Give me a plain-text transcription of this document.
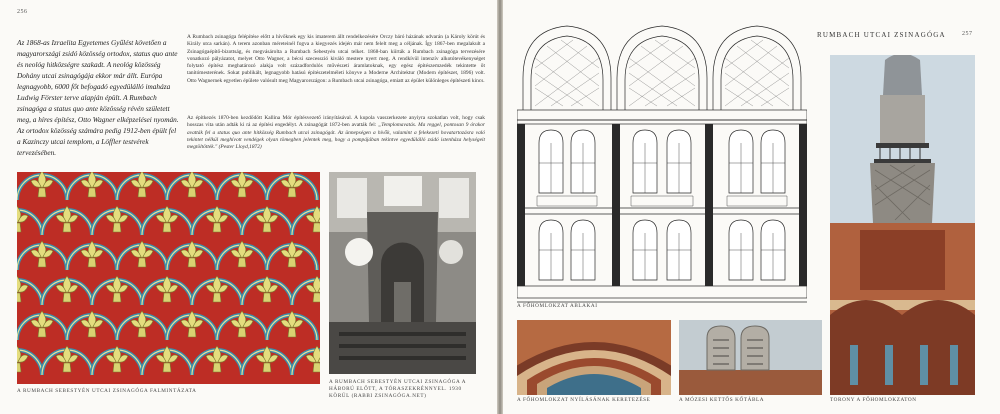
256

Az 1868-as Izraelita Egyetemes Gyűlést követően a magyarországi zsidó közösség ortodox, status quo ante és neológ hitközségre szakadt. A neológ közösség Dohány utcai zsinagógája ekkor már állt. Európa legnagyobb, 6000 főt befogadó egyedülálló imaháza Ludwig Förster terve alapján épült. A Rumbach zsinagóga a status quo ante közösség révén született meg, a híres építész, Otto Wagner elképzelései nyomán. Az ortodox közösség számára pedig 1912-ben épült fel a Kazinczy utcai templom, a Löffler testvérek tervezésében.

A Rumbach zsinagóga felépítése előtt a hívőknek egy kis imaterem állt rendelkezésére Orczy báró házának udvarán (a Károly körút és Király utca sarkán). A terem azonban méreteinél fogva a kiegyezés idején már nem felelt meg a céljának. Így 1867-ben megalakult a Zsinagógaépítő-bizottság, és megvásárolta a Rumbach Sebestyén utcai telket. 1868-ban kiírták a Rumbach zsinagóga tervezésére vonatkozó pályázatot, melyet Otto Wagner, a bécsi szecesszió kiváló mestere nyert meg. A rendkívül intenzív alkotótevékenységet folytató építész meghatározó alakja volt századfordulós művészeti áramlatoknak, egy egész építészemzedék tekintette őt tanítómesterének. Sokat publikált, legnagyobb hatású építészetelméleti könyve a Moderne Architektur (Modern építészet, 1896) volt. Otto Wagnernek egyetlen épülete valósult meg Magyarországon: a Rumbach utcai zsinagóga, emiatt az épület különleges építészeti kincs.

Az építkezés 1870-ben kezdődött Kallina Mór építésvezető irányításával. A kupola vasszerkezete anyiyra szokatlan volt, hogy csak hosszas vita után adták ki rá az építési engedélyt. A zsinagógát 1872-ben avatták fel: „Templomavatás. Ma reggel, pontosan 9 órakor avatták fel a status quo ante hitközség Rumbach utcai zsinagógát. Az ünnepségen a hívők, valamint a felekezeti hovatartozásra való tekintet nélkül meghívott vendégek olyan tömegben jelentek meg, hogy a pompájában tekintve egyedülálló zsidó istenháza helységeit megtöltötték." (Pester Lloyd,1872)

A RUMBACH SEBESTYÉN UTCAI ZSINAGÓGA FALMINTÁZATA
A RUMBACH SEBESTYÉN UTCAI ZSINAGÓGA A HÁBORÚ ELŐTT, A TÓRASZEKRÉNNYEL. 1930 KÖRÜL (RABBI ZSINAGÓGA.NET)
RUMBACH UTCAI ZSINAGÓGA	257
A FŐHOMLOKZAT ABLAKAI
A FŐHOMLOKZAT NYÍLÁSÁNAK KERETEZÉSE	A MÓZESI KETTŐS KŐTÁBLA	TORONY A FŐHOMLOKZATON
